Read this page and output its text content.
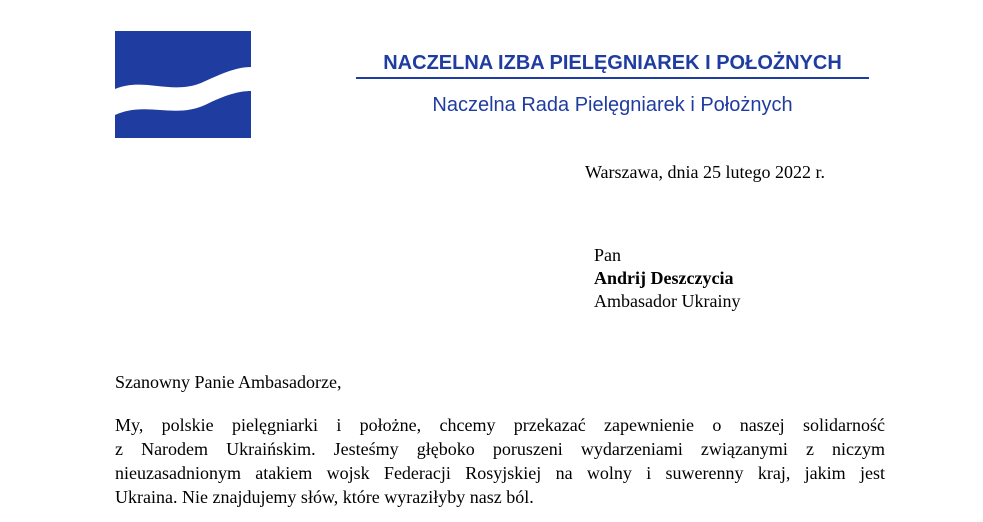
NACZELNA IZBA PIELĘGNIAREK I POŁOŻNYCH
Naczelna Rada Pielęgniarek i Położnych
Warszawa, dnia 25 lutego 2022 r.
Pan
Andrij Deszczycia
Ambasador Ukrainy
Szanowny Panie Ambasadorze,
My, polskie pielęgniarki i położne, chcemy przekazać zapewnienie o naszej solidarność
z Narodem Ukraińskim. Jesteśmy głęboko poruszeni wydarzeniami związanymi z niczym
nieuzasadnionym atakiem wojsk Federacji Rosyjskiej na wolny i suwerenny kraj, jakim jest
Ukraina. Nie znajdujemy słów, które wyraziłyby nasz ból.
